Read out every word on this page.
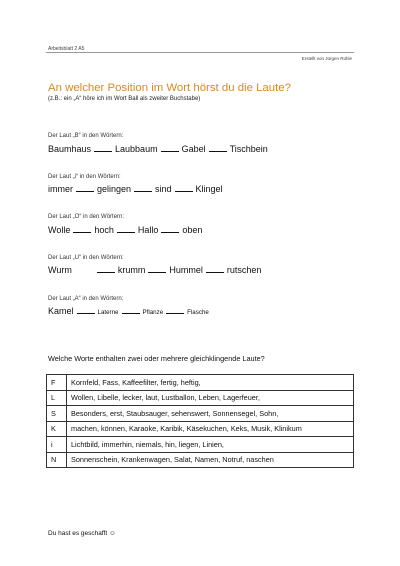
Arbeitsblatt 2 A5
Erstellt von Jürgen Rühle
An welcher Position im Wort hörst du die Laute?
(z.B.: ein „A“ höre ich im Wort Ball als zweiter Buchstabe)
Der Laut „B“ in den Wörtern:
Baumhaus	Laubbaum	Gabel	Tischbein
Der Laut „i“ in den Wörtern:
immer	gelingen	sind	Klingel
Der Laut „O“ in den Wörtern:
Wolle	hoch	Hallo	oben
Der Laut „U“ in den Wörtern:
Wurm	krumm	Hummel	rutschen
Der Laut „A“ in den Wörtern:
Kamel	Laterne	Pflanze	Flasche
Welche Worte enthalten zwei oder mehrere gleichklingende Laute?
F	Kornfeld, Fass, Kaffeefilter, fertig, heftig,
L	Wollen, Libelle, lecker, laut, Lustballon, Leben, Lagerfeuer,
S	Besonders, erst, Staubsauger, sehenswert, Sonnensegel, Sohn,
K	machen, können, Karaoke, Karibik, Käsekuchen, Keks, Musik, Klinikum
i	Lichtbild, immerhin, niemals, hin, liegen, Linien,
N	Sonnenschein, Krankenwagen, Salat, Namen, Notruf, naschen
Du hast es geschafft ☺
